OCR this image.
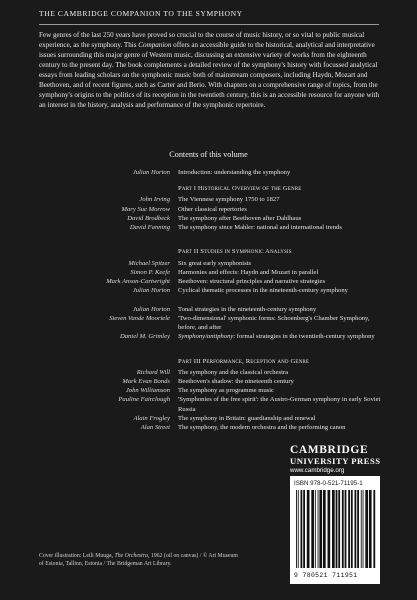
THE CAMBRIDGE COMPANION TO THE SYMPHONY

Few genres of the last 250 years have proved so crucial to the course of music history, or so vital to public musical experience, as the symphony. This Companion offers an accessible guide to the historical, analytical and interpretative issues surrounding this major genre of Western music, discussing an extensive variety of works from the eighteenth century to the present day. The book complements a detailed review of the symphony's history with focussed analytical essays from leading scholars on the symphonic music both of mainstream composers, including Haydn, Mozart and Beethoven, and of recent figures, such as Carter and Berio. With chapters on a comprehensive range of topics, from the symphony's origins to the politics of its reception in the twentieth century, this is an accessible resource for anyone with an interest in the history, analysis and performance of the symphonic repertoire.

Contents of this volume
Julian Horton Introduction: understanding the symphony
Part I Historical Overview of the Genre
John Irving The Viennese symphony 1750 to 1827
Mary Sue Morrow Other classical repertories
David Brodbeck The symphony after Beethoven after Dahlhaus
David Fanning The symphony since Mahler: national and international trends
Part II Studies in Symphonic Analysis
Michael Spitzer Six great early symphonists
Simon P. Keefe Harmonies and effects: Haydn and Mozart in parallel
Mark Anson-Cartwright Beethoven: structural principles and narrative strategies
Julian Horton Cyclical thematic processes in the nineteenth-century symphony
Julian Horton Tonal strategies in the nineteenth-century symphony
Steven Vande Moortele 'Two-dimensional' symphonic forms: Schoenberg's Chamber Symphony, before, and after
Daniel M. Grimley Symphony/antiphony: formal strategies in the twentieth-century symphony
Part III Performance, Reception and Genre
Richard Will The symphony and the classical orchestra
Mark Evan Bonds Beethoven's shadow: the nineteenth century
John Williamson The symphony as programme music
Pauline Fairclough 'Symphonies of the free spirit': the Austro-German symphony in early Soviet Russia
Alain Frogley The symphony in Britain: guardianship and renewal
Alan Street The symphony, the modern orchestra and the performing canon
CAMBRIDGE
UNIVERSITY PRESS
www.cambridge.org
ISBN 978-0-521-71195-1
9 780521 711951
Cover illustration: Leili Muuga, The Orchestra, 1962 (oil on canvas) / © Art Museum of Estonia, Tallinn, Estonia / The Bridgeman Art Library.
